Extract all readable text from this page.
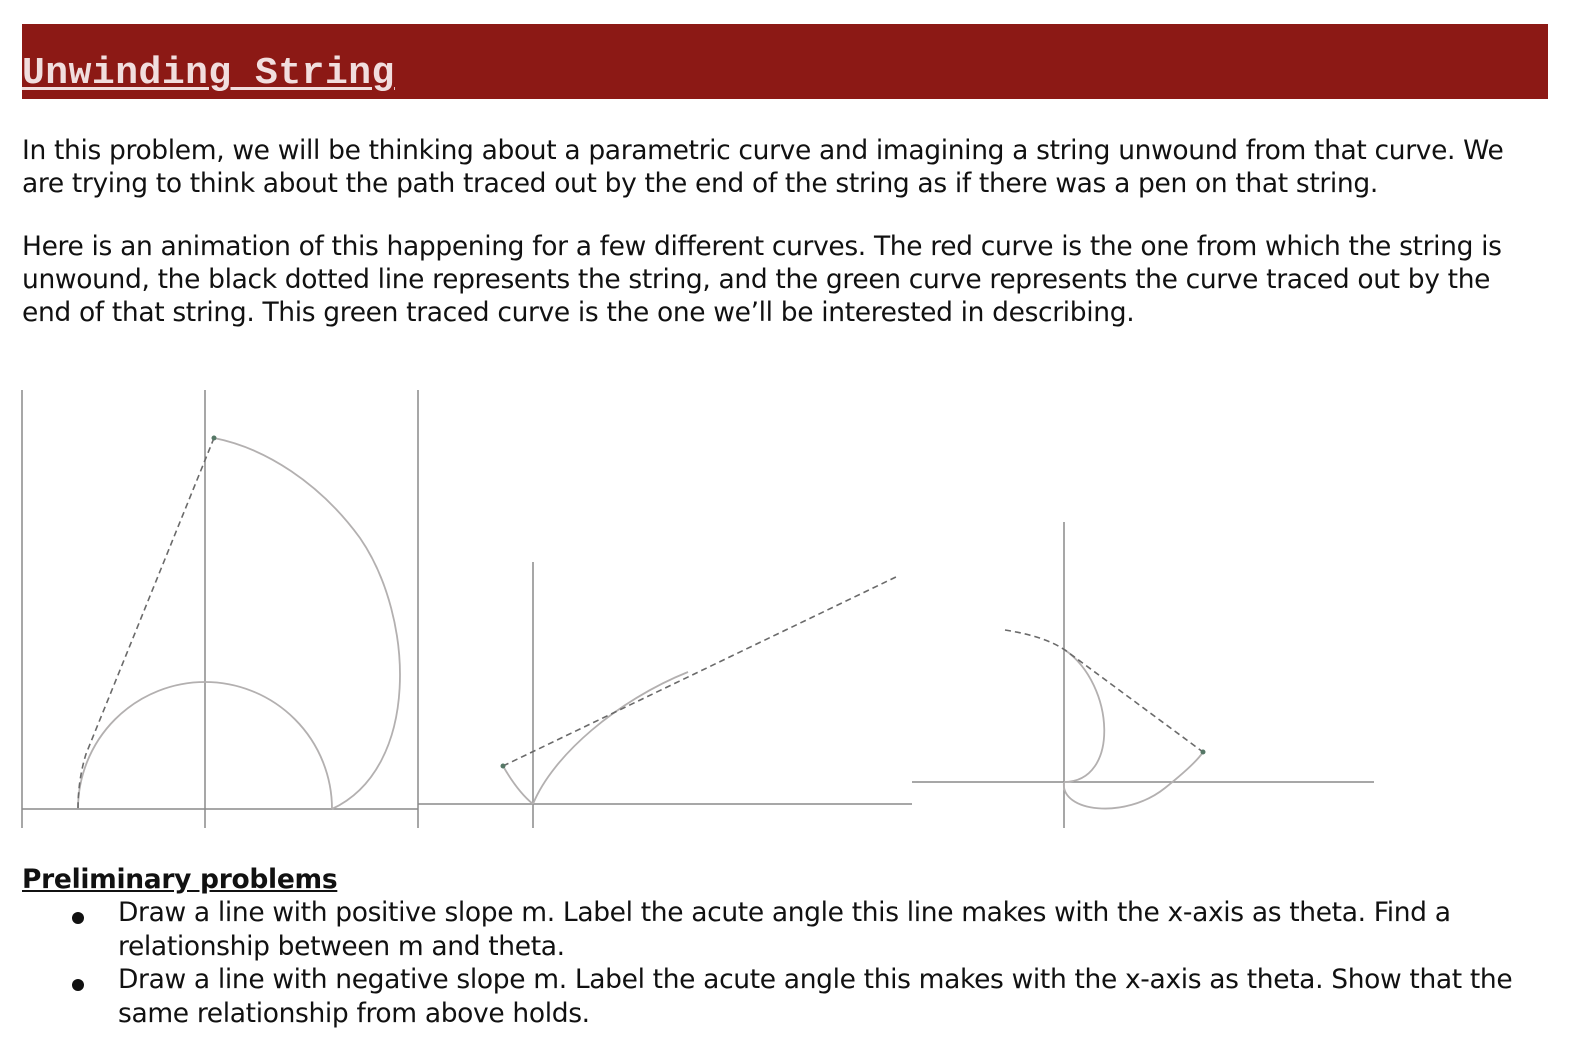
Unwinding String

In this problem, we will be thinking about a parametric curve and imagining a string unwound from that curve. We are trying to think about the path traced out by the end of the string as if there was a pen on that string.

Here is an animation of this happening for a few different curves. The red curve is the one from which the string is unwound, the black dotted line represents the string, and the green curve represents the curve traced out by the end of that string. This green traced curve is the one we’ll be interested in describing.

Preliminary problems
Draw a line with positive slope m. Label the acute angle this line makes with the x-axis as theta. Find a relationship between m and theta.
Draw a line with negative slope m. Label the acute angle this makes with the x-axis as theta. Show that the same relationship from above holds.
